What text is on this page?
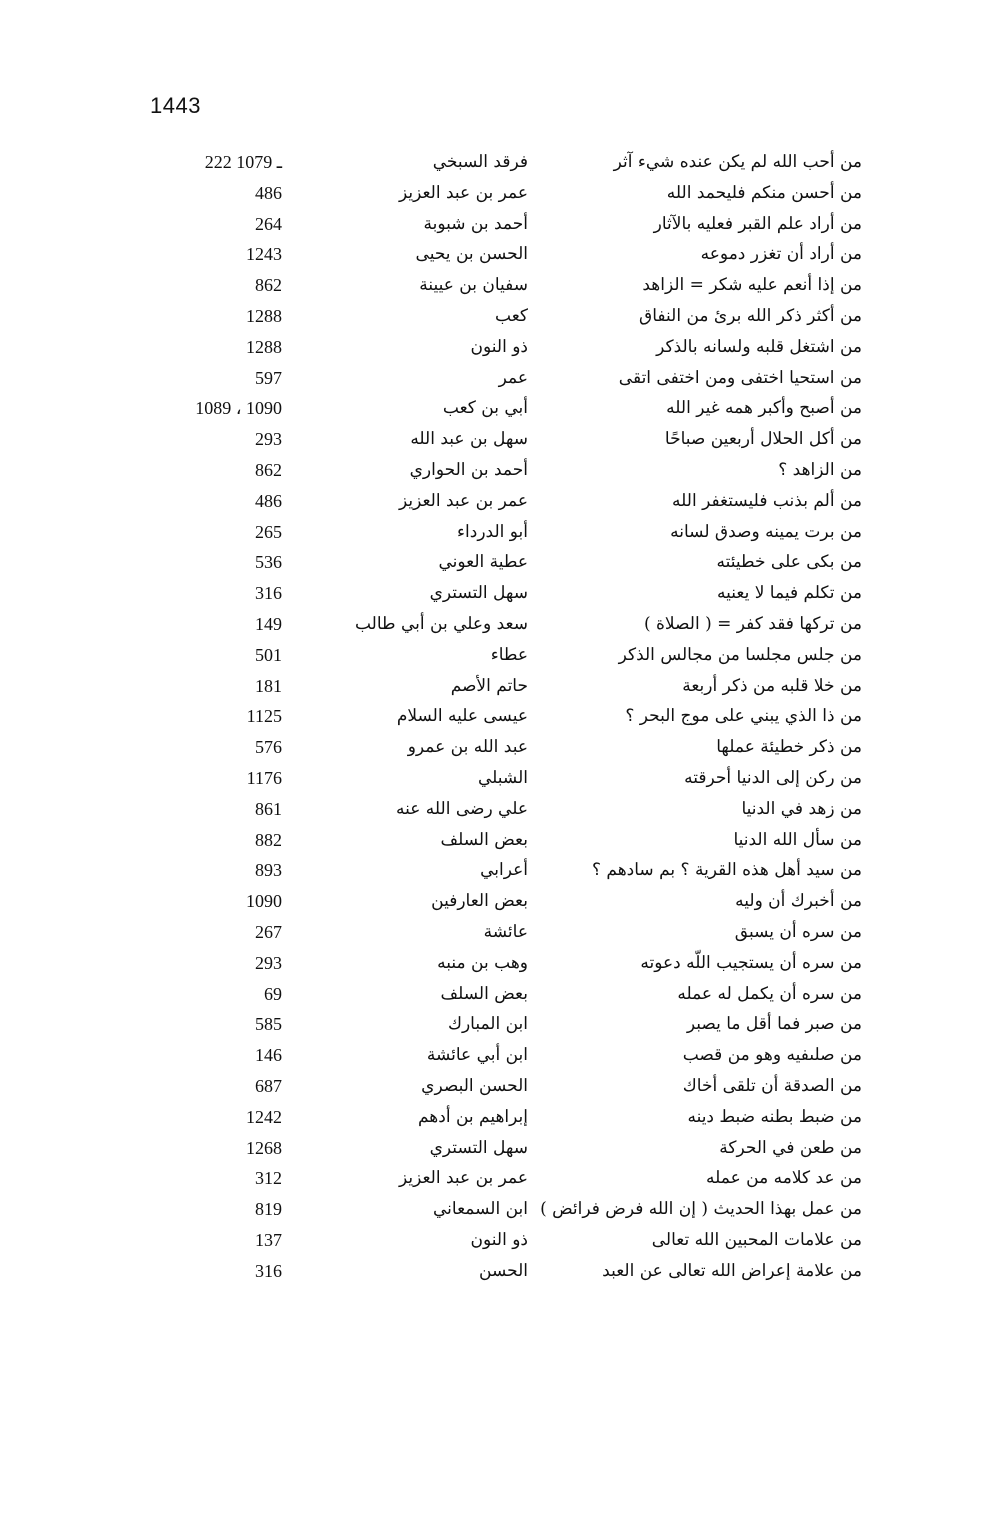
1443
من أحب الله لم يكن عنده شيء آثر
فرقد السبخي
222 ـ 1079
من أحسن منكم فليحمد الله
عمر بن عبد العزيز
486
من أراد علم القبر فعليه بالآثار
أحمد بن شبوبة
264
من أراد أن تغزر دموعه
الحسن بن يحيى
1243
من إذا أنعم عليه شكر = الزاهد
سفيان بن عيينة
862
من أكثر ذكر الله برئ من النفاق
كعب
1288
من اشتغل قلبه ولسانه بالذكر
ذو النون
1288
من استحيا اختفى ومن اختفى اتقى
عمر
597
من أصبح وأكبر همه غير الله
أبي بن كعب
1089 ، 1090
من أكل الحلال أربعين صباحًا
سهل بن عبد الله
293
من الزاهد ؟
أحمد بن الحواري
862
من ألم بذنب فليستغفر الله
عمر بن عبد العزيز
486
من برت يمينه وصدق لسانه
أبو الدرداء
265
من بكى على خطيئته
عطية العوني
536
من تكلم فيما لا يعنيه
سهل التستري
316
من تركها فقد كفر = ( الصلاة )
سعد وعلي بن أبي طالب
149
من جلس مجلسا من مجالس الذكر
عطاء
501
من خلا قلبه من ذكر أربعة
حاتم الأصم
181
من ذا الذي يبني على موج البحر ؟
عيسى عليه السلام
1125
من ذكر خطيئة عملها
عبد الله بن عمرو
576
من ركن إلى الدنيا أحرقته
الشبلي
1176
من زهد في الدنيا
علي رضى الله عنه
861
من سأل الله الدنيا
بعض السلف
882
من سيد أهل هذه القرية ؟ بم سادهم ؟
أعرابي
893
من أخبرك أن وليه
بعض العارفين
1090
من سره أن يسبق
عائشة
267
من سره أن يستجيب اللّه دعوته
وهب بن منبه
293
من سره أن يكمل له عمله
بعض السلف
69
من صبر فما أقل ما يصبر
ابن المبارك
585
من صلىفيه وهو من قصب
ابن أبي عائشة
146
من الصدقة أن تلقى أخاك
الحسن البصري
687
من ضبط بطنه ضبط دينه
إبراهيم بن أدهم
1242
من طعن في الحركة
سهل التستري
1268
من عد كلامه من عمله
عمر بن عبد العزيز
312
من عمل بهذا الحديث ( إن الله فرض فرائض )
ابن السمعاني
819
من علامات المحبين الله تعالى
ذو النون
137
من علامة إعراض الله تعالى عن العبد
الحسن
316
